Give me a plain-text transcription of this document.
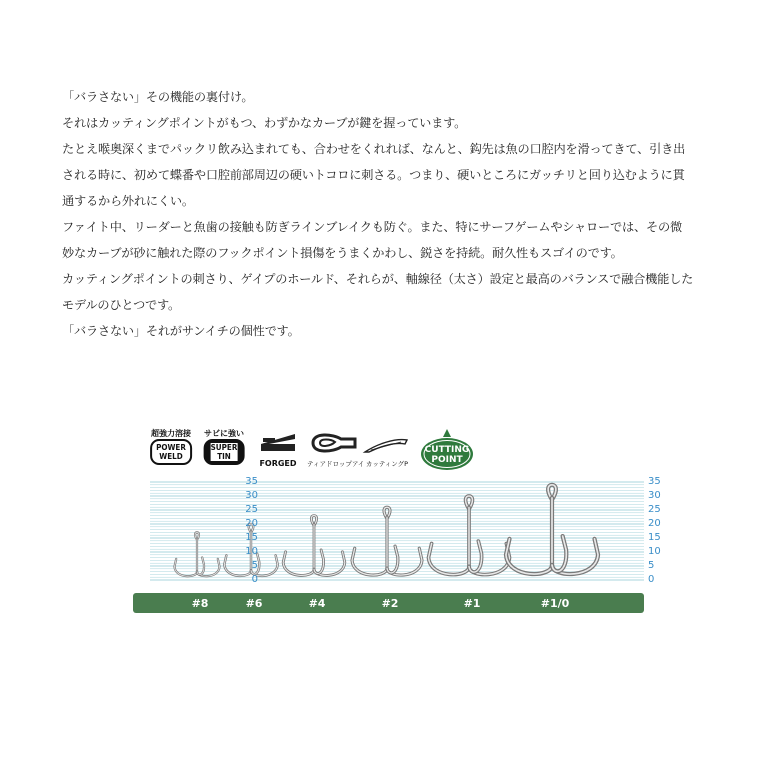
「バラさない」その機能の裏付け。

それはカッティングポイントがもつ、わずかなカーブが鍵を握っています。

たとえ喉奥深くまでパックリ飲み込まれても、合わせをくれれば、なんと、鈎先は魚の口腔内を滑ってきて、引き出

される時に、初めて蝶番や口腔前部周辺の硬いトコロに刺さる。つまり、硬いところにガッチリと回り込むように貫

通するから外れにくい。

ファイト中、リーダーと魚歯の接触も防ぎラインブレイクも防ぐ。また、特にサーフゲームやシャローでは、その微

妙なカーブが砂に触れた際のフックポイント損傷をうまくかわし、鋭さを持続。耐久性もスゴイのです。

カッティングポイントの刺さり、ゲイプのホールド、それらが、軸線径（太さ）設定と最高のバランスで融合機能した

モデルのひとつです。

「バラさない」それがサンイチの個性です。

超強力溶接
POWER
WELD
サビに強い
SUPER
TIN
FORGED	ティアドロップアイ カッティングP
CUTTING
POINT
35
30
25
20
15
10
5
0
35
30
25
20
15
10
5
0
#8	#6	#4	#2	#1	#1/0
